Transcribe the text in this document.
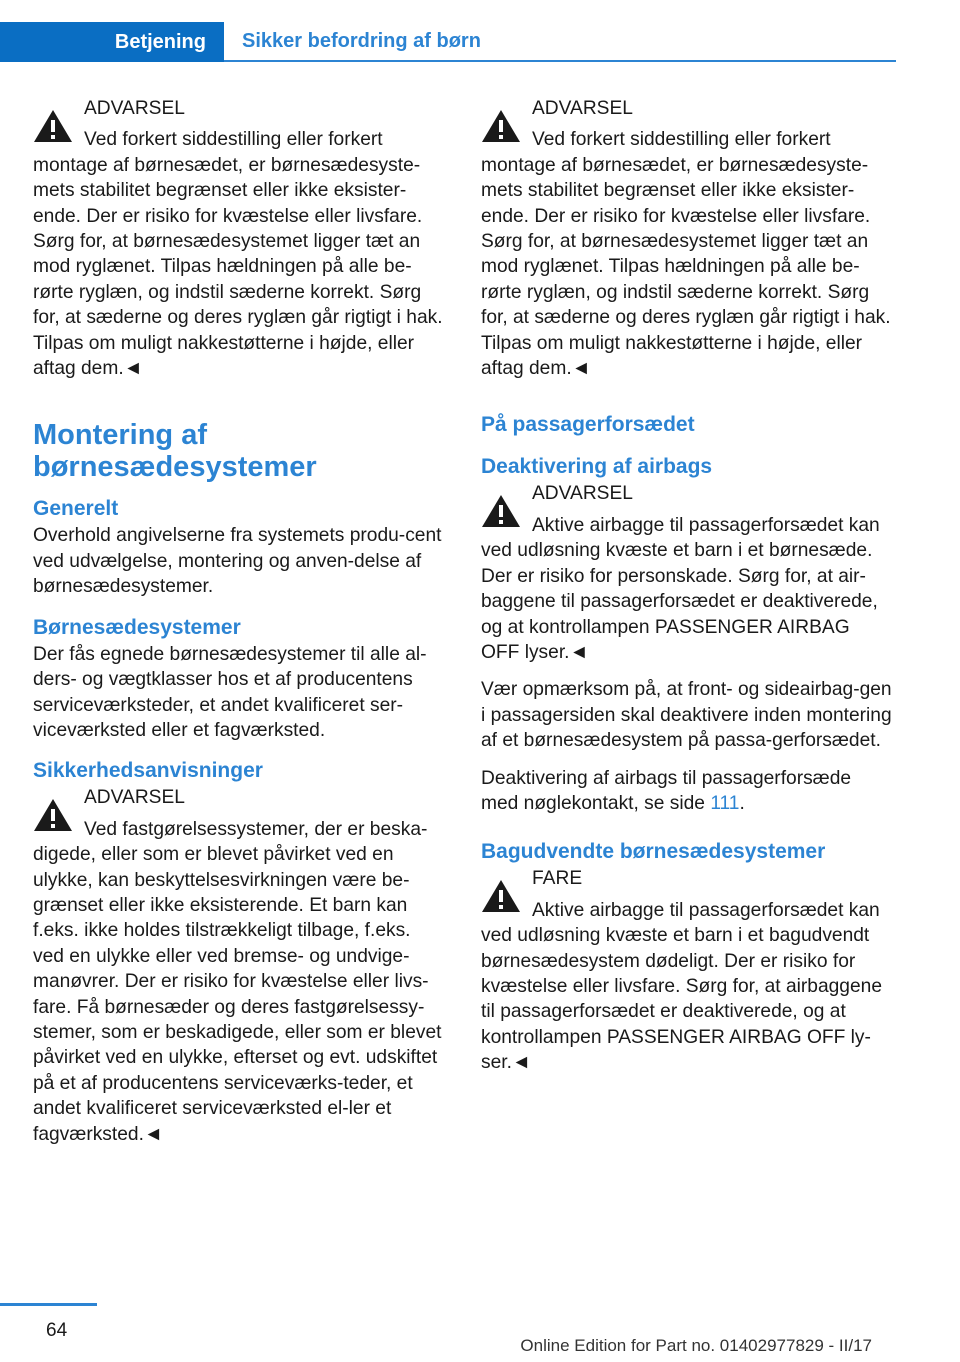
Betjening Sikker befordring af børn
ADVARSEL
Ved forkert siddestilling eller forkert

montage af børnesædet, er børnesædesyste-mets stabilitet begrænset eller ikke eksister-ende. Der er risiko for kvæstelse eller livsfare. Sørg for, at børnesædesystemet ligger tæt an mod ryglænet. Tilpas hældningen på alle be-rørte ryglæn, og indstil sæderne korrekt. Sørg for, at sæderne og deres ryglæn går rigtigt i hak. Tilpas om muligt nakkestøtterne i højde, eller aftag dem.◄

Montering af børnesædesystemer
Generelt

Overhold angivelserne fra systemets produ-cent ved udvælgelse, montering og anven-delse af børnesædesystemer.

Børnesædesystemer

Der fås egnede børnesædesystemer til alle al-ders- og vægtklasser hos et af producentens serviceværksteder, et andet kvalificeret ser-viceværksted eller et fagværksted.

Sikkerhedsanvisninger
ADVARSEL
Ved fastgørelsessystemer, der er beska-

digede, eller som er blevet påvirket ved en ulykke, kan beskyttelsesvirkningen være be-grænset eller ikke eksisterende. Et barn kan f.eks. ikke holdes tilstrækkeligt tilbage, f.eks. ved en ulykke eller ved bremse- og undvige-manøvrer. Der er risiko for kvæstelse eller livs-fare. Få børnesæder og deres fastgørelsessy-stemer, som er beskadigede, eller som er blevet påvirket ved en ulykke, efterset og evt. udskiftet på et af producentens serviceværks-teder, et andet kvalificeret serviceværksted el-ler et fagværksted.◄

ADVARSEL
Ved forkert siddestilling eller forkert

montage af børnesædet, er børnesædesyste-mets stabilitet begrænset eller ikke eksister-ende. Der er risiko for kvæstelse eller livsfare. Sørg for, at børnesædesystemet ligger tæt an mod ryglænet. Tilpas hældningen på alle be-rørte ryglæn, og indstil sæderne korrekt. Sørg for, at sæderne og deres ryglæn går rigtigt i hak. Tilpas om muligt nakkestøtterne i højde, eller aftag dem.◄

På passagerforsædet
Deaktivering af airbags
ADVARSEL
Aktive airbagge til passagerforsædet kan

ved udløsning kvæste et barn i et børnesæde. Der er risiko for personskade. Sørg for, at air-baggene til passagerforsædet er deaktiverede, og at kontrollampen PASSENGER AIRBAG OFF lyser.◄

Vær opmærksom på, at front- og sideairbag-gen i passagersiden skal deaktivere inden montering af et børnesædesystem på passa-gerforsædet.

Deaktivering af airbags til passagerforsæde med nøglekontakt, se side 111.

Bagudvendte børnesædesystemer
FARE
Aktive airbagge til passagerforsædet kan

ved udløsning kvæste et barn i et bagudvendt børnesædesystem dødeligt. Der er risiko for kvæstelse eller livsfare. Sørg for, at airbaggene til passagerforsædet er deaktiverede, og at kontrollampen PASSENGER AIRBAG OFF ly-ser.◄

64
Online Edition for Part no. 01402977829 - II/17
